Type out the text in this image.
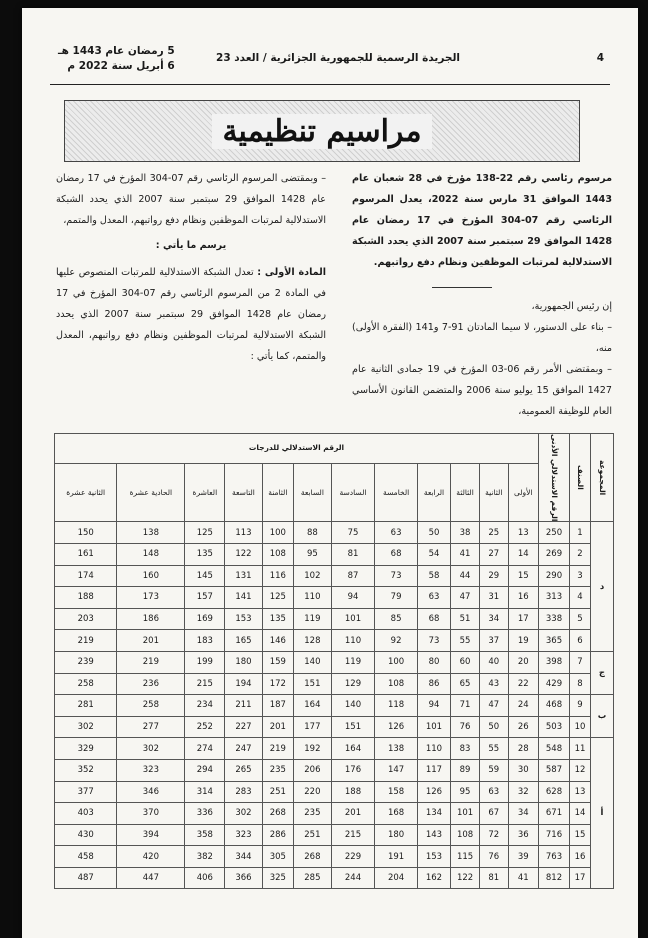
4
الجريدة الرسمية للجمهورية الجزائرية / العدد 23
5 رمضان عام 1443 هـ
6 أبريل سنة 2022 م
مراسيم تنظيمية
مرسوم رئاسي رقم 22-138 مؤرخ في 28 شعبان عام 1443 الموافق 31 مارس سنة 2022، يعدل المرسوم الرئاسي رقم 07-304 المؤرخ في 17 رمضان عام 1428 الموافق 29 سبتمبر سنة 2007 الذي يحدد الشبكة الاستدلالية لمرتبات الموظفين ونظام دفع رواتبهم.
إن رئيس الجمهورية،
– بناء على الدستور، لا سيما المادتان 91-7 و141 (الفقرة الأولى) منه،
– وبمقتضى الأمر رقم 06-03 المؤرخ في 19 جمادى الثانية عام 1427 الموافق 15 يوليو سنة 2006 والمتضمن القانون الأساسي العام للوظيفة العمومية،
– وبمقتضى المرسوم الرئاسي رقم 07-304 المؤرخ في 17 رمضان عام 1428 الموافق 29 سبتمبر سنة 2007 الذي يحدد الشبكة الاستدلالية لمرتبات الموظفين ونظام دفع رواتبهم، المعدل والمتمم،
يرسم ما يأتي :
المادة الأولى : تعدل الشبكة الاستدلالية للمرتبات المنصوص عليها في المادة 2 من المرسوم الرئاسي رقم 07-304 المؤرخ في 17 رمضان عام 1428 الموافق 29 سبتمبر سنة 2007 الذي يحدد الشبكة الاستدلالية لمرتبات الموظفين ونظام دفع رواتبهم، المعدل والمتمم، كما يأتي :
المجموعة	الصنف	الرقم الاستدلالي الأدنى	الرقم الاستدلالي للدرجات											
			الأولى	الثانية	الثالثة	الرابعة	الخامسة	السادسة	السابعة	الثامنة	التاسعة	العاشرة	الحادية عشرة	الثانية عشرة
د	1	250	13	25	38	50	63	75	88	100	113	125	138	150
	2	269	14	27	41	54	68	81	95	108	122	135	148	161
	3	290	15	29	44	58	73	87	102	116	131	145	160	174
	4	313	16	31	47	63	79	94	110	125	141	157	173	188
	5	338	17	34	51	68	85	101	119	135	153	169	186	203
	6	365	19	37	55	73	92	110	128	146	165	183	201	219
ج	7	398	20	40	60	80	100	119	140	159	180	199	219	239
	8	429	22	43	65	86	108	129	151	172	194	215	236	258
ب	9	468	24	47	71	94	118	140	164	187	211	234	258	281
	10	503	26	50	76	101	126	151	177	201	227	252	277	302
أ	11	548	28	55	83	110	138	164	192	219	247	274	302	329
	12	587	30	59	89	117	147	176	206	235	265	294	323	352
	13	628	32	63	95	126	158	188	220	251	283	314	346	377
	14	671	34	67	101	134	168	201	235	268	302	336	370	403
	15	716	36	72	108	143	180	215	251	286	323	358	394	430
	16	763	39	76	115	153	191	229	268	305	344	382	420	458
	17	812	41	81	122	162	204	244	285	325	366	406	447	487
